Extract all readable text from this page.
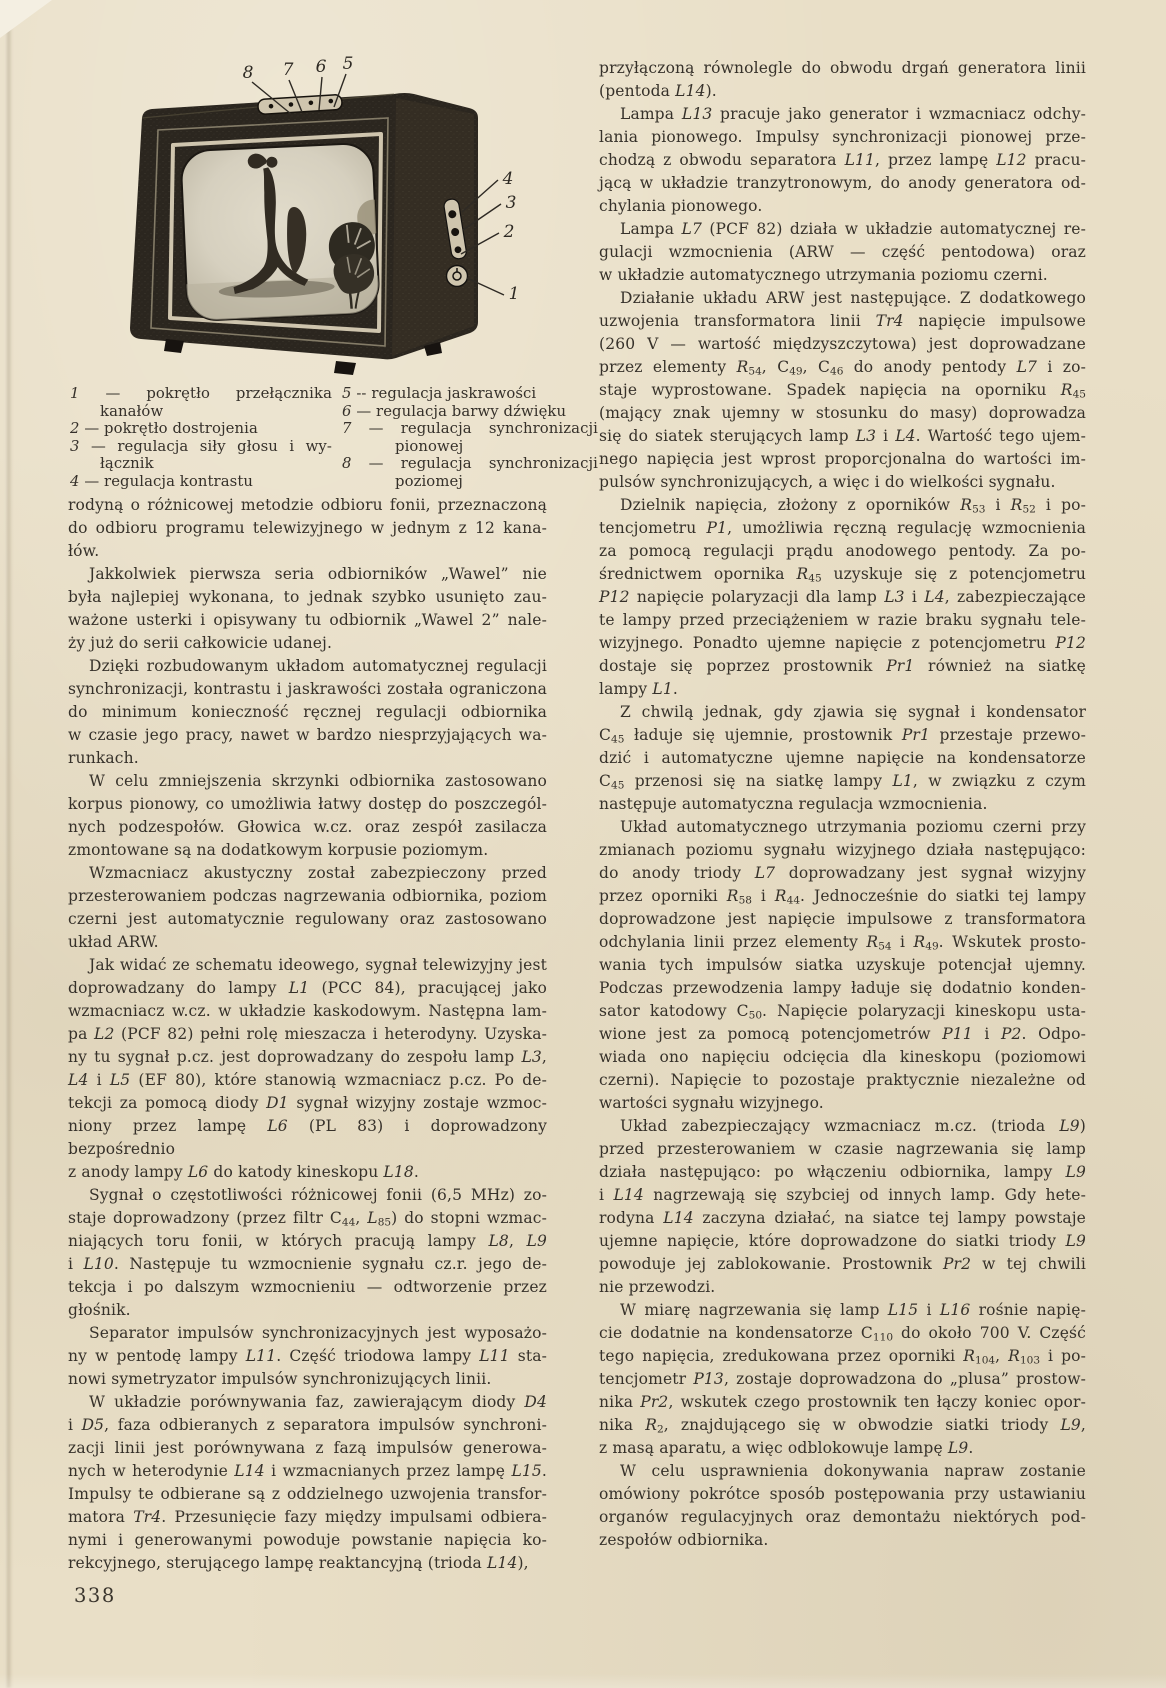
8 7 6 5
4
3
2
1
1 — pokrętło przełącznika
kanałów
2 — pokrętło dostrojenia
3 — regulacja siły głosu i wy-
łącznik
4 — regulacja kontrastu
5 -- regulacja jaskrawości
6 — regulacja barwy dźwięku
7 — regulacja synchronizacji
pionowej
8 — regulacja synchronizacji
poziomej

rodyną o różnicowej metodzie odbioru fonii, przeznaczoną
do odbioru programu telewizyjnego w jednym z 12 kana-
łów.

Jakkolwiek pierwsza seria odbiorników „Wawel” nie
była najlepiej wykonana, to jednak szybko usunięto zau-
ważone usterki i opisywany tu odbiornik „Wawel 2” nale-
ży już do serii całkowicie udanej.

Dzięki rozbudowanym układom automatycznej regulacji
synchronizacji, kontrastu i jaskrawości została ograniczona
do minimum konieczność ręcznej regulacji odbiornika
w czasie jego pracy, nawet w bardzo niesprzyjających wa-
runkach.

W celu zmniejszenia skrzynki odbiornika zastosowano
korpus pionowy, co umożliwia łatwy dostęp do poszczegól-
nych podzespołów. Głowica w.cz. oraz zespół zasilacza
zmontowane są na dodatkowym korpusie poziomym.

Wzmacniacz akustyczny został zabezpieczony przed
przesterowaniem podczas nagrzewania odbiornika, poziom
czerni jest automatycznie regulowany oraz zastosowano
układ ARW.

Jak widać ze schematu ideowego, sygnał telewizyjny jest
doprowadzany do lampy L1 (PCC 84), pracującej jako
wzmacniacz w.cz. w układzie kaskodowym. Następna lam-
pa L2 (PCF 82) pełni rolę mieszacza i heterodyny. Uzyska-
ny tu sygnał p.cz. jest doprowadzany do zespołu lamp L3,
L4 i L5 (EF 80), które stanowią wzmacniacz p.cz. Po de-
tekcji za pomocą diody D1 sygnał wizyjny zostaje wzmoc-
niony przez lampę L6 (PL 83) i doprowadzony bezpośrednio
z anody lampy L6 do katody kineskopu L18.

Sygnał o częstotliwości różnicowej fonii (6,5 MHz) zo-
staje doprowadzony (przez filtr $C_{44}$, $L_{85}$) do stopni wzmac-
niających toru fonii, w których pracują lampy L8, L9
i L10. Następuje tu wzmocnienie sygnału cz.r. jego de-
tekcja i po dalszym wzmocnieniu — odtworzenie przez
głośnik.

Separator impulsów synchronizacyjnych jest wyposażo-
ny w pentodę lampy L11. Część triodowa lampy L11 sta-
nowi symetryzator impulsów synchronizujących linii.

W układzie porównywania faz, zawierającym diody D4
i D5, faza odbieranych z separatora impulsów synchroni-
zacji linii jest porównywana z fazą impulsów generowa-
nych w heterodynie L14 i wzmacnianych przez lampę L15.
Impulsy te odbierane są z oddzielnego uzwojenia transfor-
matora Tr4. Przesunięcie fazy między impulsami odbiera-
nymi i generowanymi powoduje powstanie napięcia ko-
rekcyjnego, sterującego lampę reaktancyjną (trioda L14),

przyłączoną równolegle do obwodu drgań generatora linii
(pentoda L14).

Lampa L13 pracuje jako generator i wzmacniacz odchy-
lania pionowego. Impulsy synchronizacji pionowej prze-
chodzą z obwodu separatora L11, przez lampę L12 pracu-
jącą w układzie tranzytronowym, do anody generatora od-
chylania pionowego.

Lampa L7 (PCF 82) działa w układzie automatycznej re-
gulacji wzmocnienia (ARW — część pentodowa) oraz
w układzie automatycznego utrzymania poziomu czerni.

Działanie układu ARW jest następujące. Z dodatkowego
uzwojenia transformatora linii Tr4 napięcie impulsowe
(260 V — wartość międzyszczytowa) jest doprowadzane
przez elementy $R_{54}$, $C_{49}$, $C_{46}$ do anody pentody L7 i zo-
staje wyprostowane. Spadek napięcia na oporniku $R_{45}$
(mający znak ujemny w stosunku do masy) doprowadza
się do siatek sterujących lamp L3 i L4. Wartość tego ujem-
nego napięcia jest wprost proporcjonalna do wartości im-
pulsów synchronizujących, a więc i do wielkości sygnału.

Dzielnik napięcia, złożony z oporników $R_{53}$ i $R_{52}$ i po-
tencjometru P1, umożliwia ręczną regulację wzmocnienia
za pomocą regulacji prądu anodowego pentody. Za po-
średnictwem opornika $R_{45}$ uzyskuje się z potencjometru
P12 napięcie polaryzacji dla lamp L3 i L4, zabezpieczające
te lampy przed przeciążeniem w razie braku sygnału tele-
wizyjnego. Ponadto ujemne napięcie z potencjometru P12
dostaje się poprzez prostownik Pr1 również na siatkę
lampy L1.

Z chwilą jednak, gdy zjawia się sygnał i kondensator
$C_{45}$ ładuje się ujemnie, prostownik Pr1 przestaje przewo-
dzić i automatyczne ujemne napięcie na kondensatorze
$C_{45}$ przenosi się na siatkę lampy L1, w związku z czym
następuje automatyczna regulacja wzmocnienia.

Układ automatycznego utrzymania poziomu czerni przy
zmianach poziomu sygnału wizyjnego działa następująco:
do anody triody L7 doprowadzany jest sygnał wizyjny
przez oporniki $R_{58}$ i $R_{44}$. Jednocześnie do siatki tej lampy
doprowadzone jest napięcie impulsowe z transformatora
odchylania linii przez elementy $R_{54}$ i $R_{49}$. Wskutek prosto-
wania tych impulsów siatka uzyskuje potencjał ujemny.
Podczas przewodzenia lampy ładuje się dodatnio konden-
sator katodowy $C_{50}$. Napięcie polaryzacji kineskopu usta-
wione jest za pomocą potencjometrów P11 i P2. Odpo-
wiada ono napięciu odcięcia dla kineskopu (poziomowi
czerni). Napięcie to pozostaje praktycznie niezależne od
wartości sygnału wizyjnego.

Układ zabezpieczający wzmacniacz m.cz. (trioda L9)
przed przesterowaniem w czasie nagrzewania się lamp
działa następująco: po włączeniu odbiornika, lampy L9
i L14 nagrzewają się szybciej od innych lamp. Gdy hete-
rodyna L14 zaczyna działać, na siatce tej lampy powstaje
ujemne napięcie, które doprowadzone do siatki triody L9
powoduje jej zablokowanie. Prostownik Pr2 w tej chwili
nie przewodzi.

W miarę nagrzewania się lamp L15 i L16 rośnie napię-
cie dodatnie na kondensatorze $C_{110}$ do około 700 V. Część
tego napięcia, zredukowana przez oporniki $R_{104}$, $R_{103}$ i po-
tencjometr P13, zostaje doprowadzona do „plusa” prostow-
nika Pr2, wskutek czego prostownik ten łączy koniec opor-
nika $R_2$, znajdującego się w obwodzie siatki triody L9,
z masą aparatu, a więc odblokowuje lampę L9.

W celu usprawnienia dokonywania napraw zostanie
omówiony pokrótce sposób postępowania przy ustawianiu
organów regulacyjnych oraz demontażu niektórych pod-
zespołów odbiornika.

338
